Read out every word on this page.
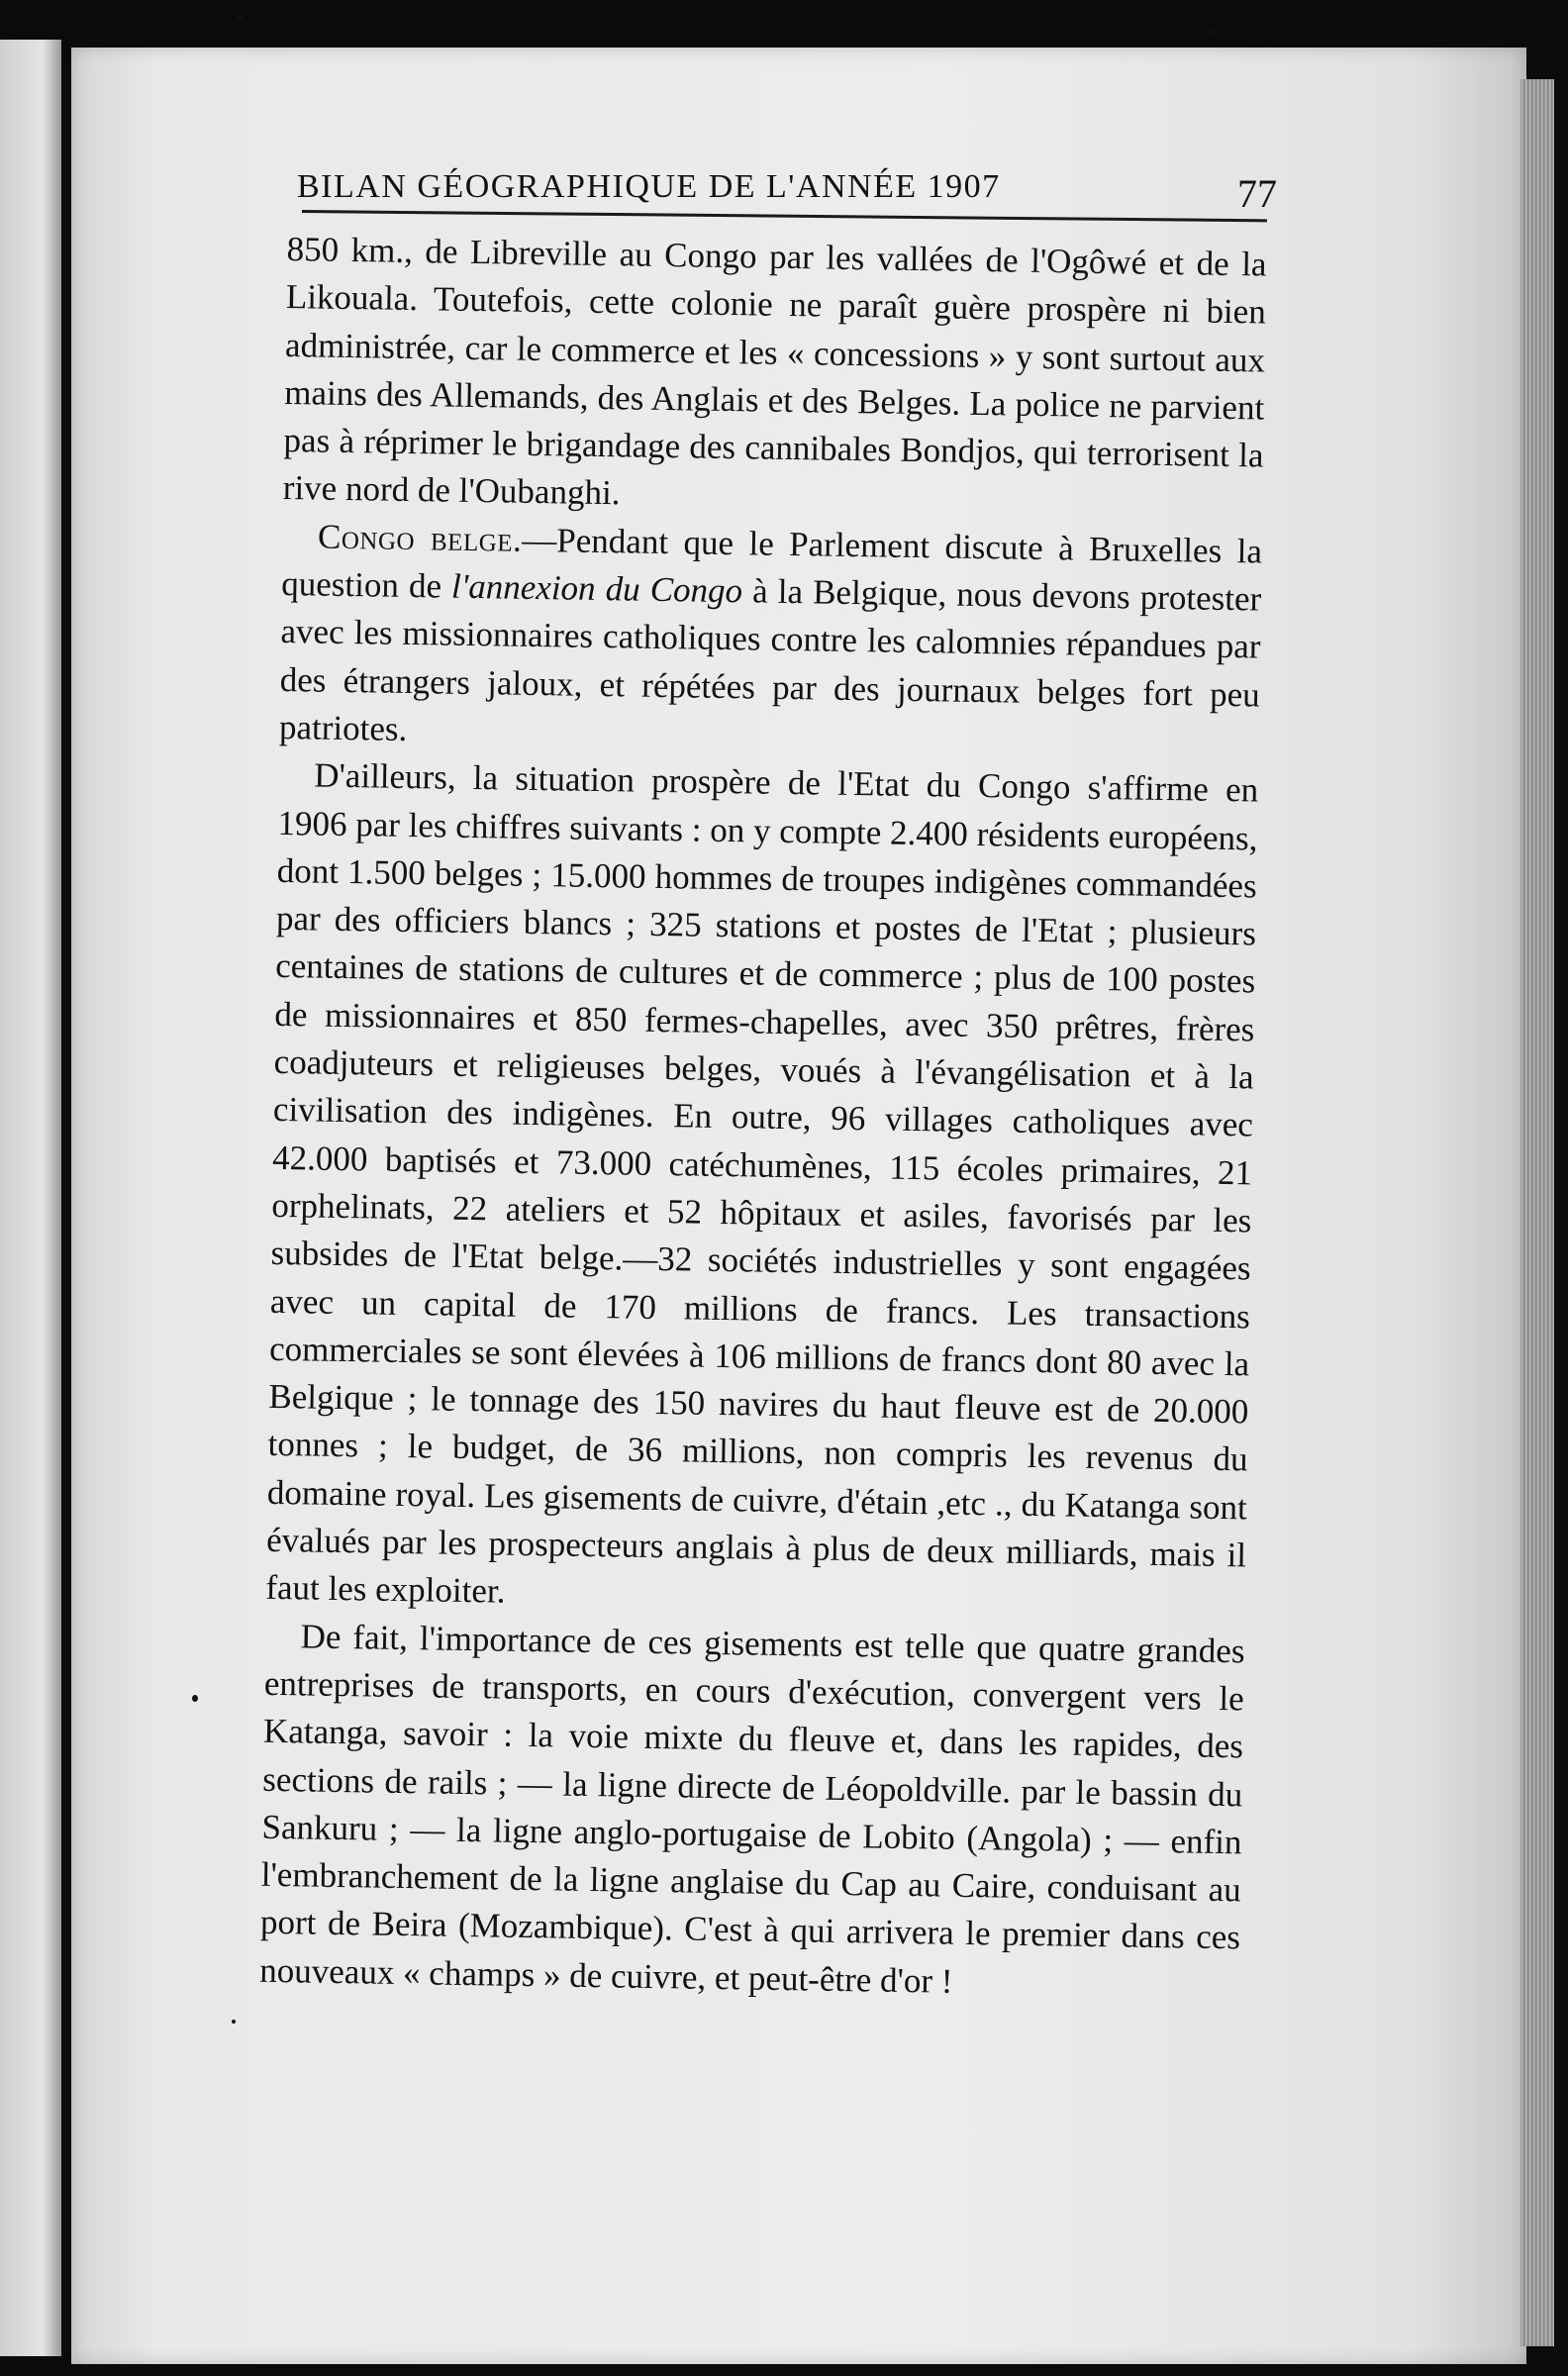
BILAN GÉOGRAPHIQUE DE L'ANNÉE 1907	77

850 km., de Libreville au Congo par les vallées de l'Ogôwé et de la Likouala. Toutefois, cette colonie ne paraît guère prospère ni bien administrée, car le commerce et les « concessions » y sont surtout aux mains des Allemands, des Anglais et des Belges. La police ne parvient pas à réprimer le brigandage des cannibales Bondjos, qui terrorisent la rive nord de l'Oubanghi.

Congo belge.—Pendant que le Parlement discute à Bruxelles la question de l'annexion du Congo à la Belgique, nous devons protester avec les missionnaires catholiques contre les calomnies répandues par des étrangers jaloux, et répétées par des journaux belges fort peu patriotes.

D'ailleurs, la situation prospère de l'Etat du Congo s'affirme en 1906 par les chiffres suivants : on y compte 2.400 résidents européens, dont 1.500 belges ; 15.000 hommes de troupes indigènes commandées par des officiers blancs ; 325 stations et postes de l'Etat ; plusieurs centaines de stations de cultures et de commerce ; plus de 100 postes de missionnaires et 850 fermes-chapelles, avec 350 prêtres, frères coadjuteurs et religieuses belges, voués à l'évangélisation et à la civilisation des indigènes. En outre, 96 villages catholiques avec 42.000 baptisés et 73.000 catéchumènes, 115 écoles primaires, 21 orphelinats, 22 ateliers et 52 hôpitaux et asiles, favorisés par les subsides de l'Etat belge.—32 sociétés industrielles y sont engagées avec un capital de 170 millions de francs. Les transactions commerciales se sont élevées à 106 millions de francs dont 80 avec la Belgique ; le tonnage des 150 navires du haut fleuve est de 20.000 tonnes ; le budget, de 36 millions, non compris les revenus du domaine royal. Les gisements de cuivre, d'étain ,etc ., du Katanga sont évalués par les prospecteurs anglais à plus de deux milliards, mais il faut les exploiter.

De fait, l'importance de ces gisements est telle que quatre grandes entreprises de transports, en cours d'exécution, convergent vers le Katanga, savoir : la voie mixte du fleuve et, dans les rapides, des sections de rails ; — la ligne directe de Léopoldville. par le bassin du Sankuru ; — la ligne anglo-portugaise de Lobito (Angola) ; — enfin l'embranchement de la ligne anglaise du Cap au Caire, conduisant au port de Beira (Mozambique). C'est à qui arrivera le premier dans ces nouveaux « champs » de cuivre, et peut-être d'or !
